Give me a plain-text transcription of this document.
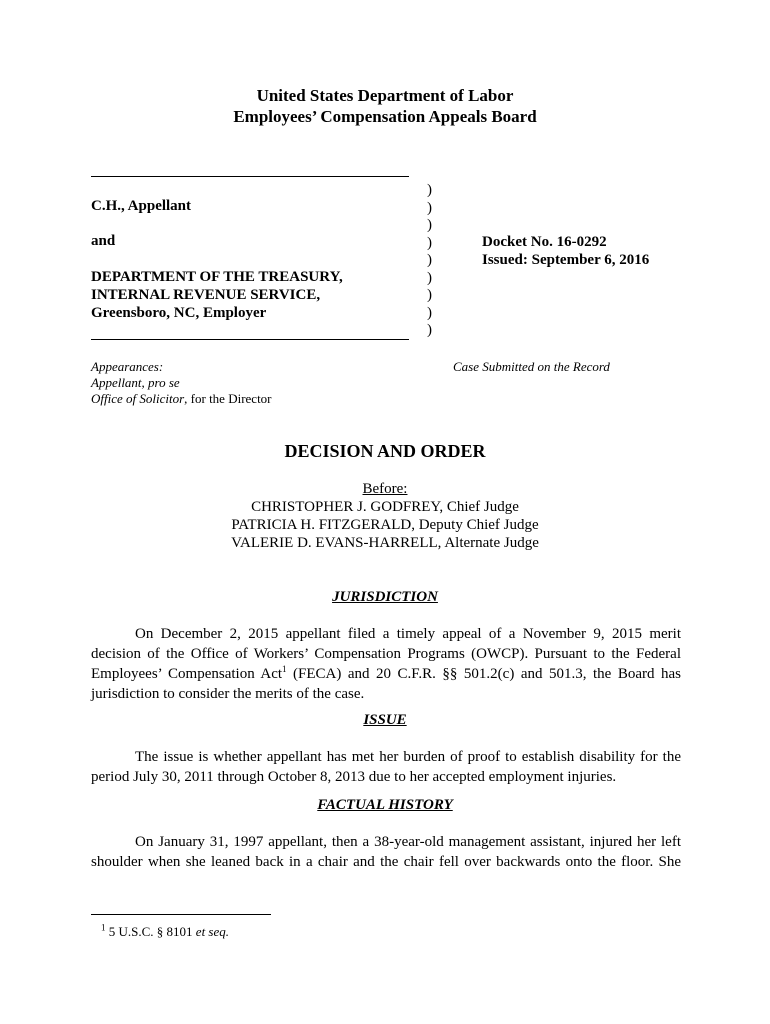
United States Department of Labor
Employees’ Compensation Appeals Board
C.H., Appellant
and
DEPARTMENT OF THE TREASURY,
INTERNAL REVENUE SERVICE,
Greensboro, NC, Employer
)
)
)
)
)
)
)
)
)
Docket No. 16-0292
Issued: September 6, 2016
Appearances:
Appellant, pro se
Office of Solicitor, for the Director
Case Submitted on the Record
DECISION AND ORDER
Before:
CHRISTOPHER J. GODFREY, Chief Judge
PATRICIA H. FITZGERALD, Deputy Chief Judge
VALERIE D. EVANS-HARRELL, Alternate Judge
JURISDICTION
On December 2, 2015 appellant filed a timely appeal of a November 9, 2015 merit decision of the Office of Workers’ Compensation Programs (OWCP). Pursuant to the Federal Employees’ Compensation Act$^1$ (FECA) and 20 C.F.R. §§ 501.2(c) and 501.3, the Board has jurisdiction to consider the merits of the case.
ISSUE
The issue is whether appellant has met her burden of proof to establish disability for the period July 30, 2011 through October 8, 2013 due to her accepted employment injuries.
FACTUAL HISTORY
On January 31, 1997 appellant, then a 38-year-old management assistant, injured her left shoulder when she leaned back in a chair and the chair fell over backwards onto the floor. She
$^1$ 5 U.S.C. § 8101 et seq.
